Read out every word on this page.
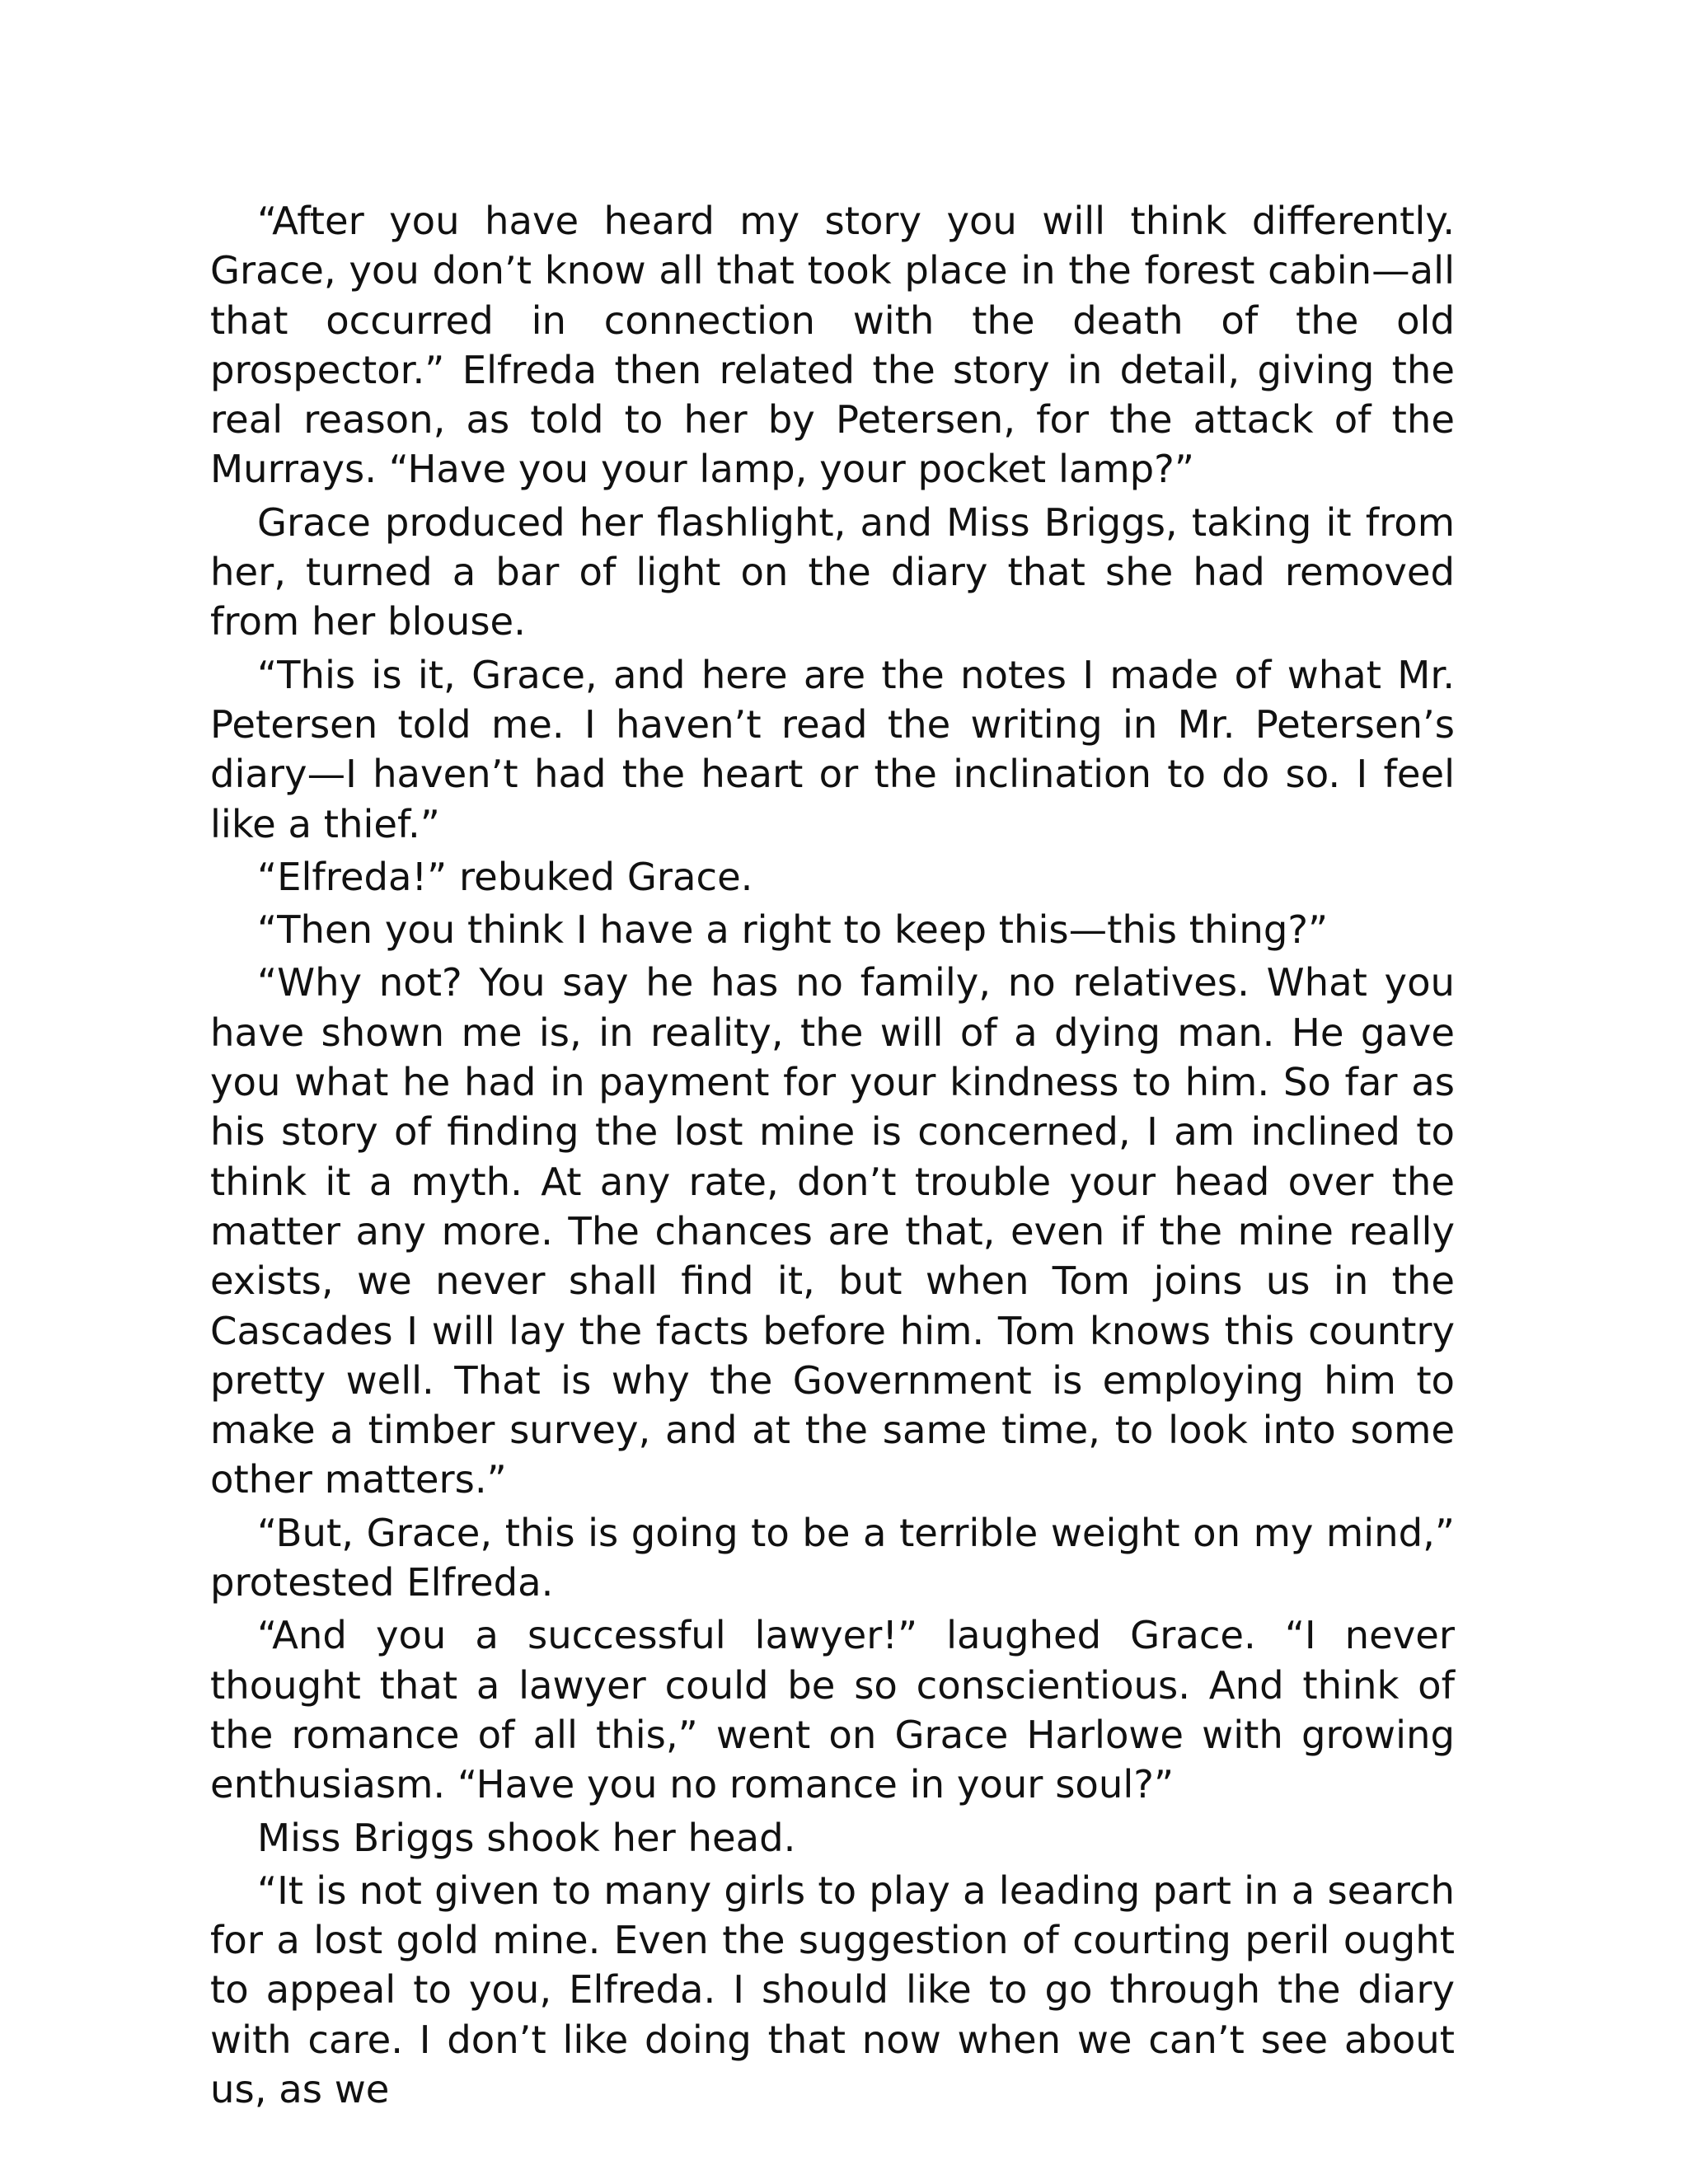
“After you have heard my story you will think differently. Grace, you don’t know all that took place in the forest cabin—all that occurred in connection with the death of the old prospector.” Elfreda then related the story in detail, giving the real reason, as told to her by Petersen, for the attack of the Murrays. “Have you your lamp, your pocket lamp?”

Grace produced her flashlight, and Miss Briggs, taking it from her, turned a bar of light on the diary that she had removed from her blouse.

“This is it, Grace, and here are the notes I made of what Mr. Petersen told me. I haven’t read the writing in Mr. Petersen’s diary—I haven’t had the heart or the inclination to do so. I feel like a thief.”

“Elfreda!” rebuked Grace.

“Then you think I have a right to keep this—this thing?”

“Why not? You say he has no family, no relatives. What you have shown me is, in reality, the will of a dying man. He gave you what he had in payment for your kindness to him. So far as his story of finding the lost mine is concerned, I am inclined to think it a myth. At any rate, don’t trouble your head over the matter any more. The chances are that, even if the mine really exists, we never shall find it, but when Tom joins us in the Cascades I will lay the facts before him. Tom knows this country pretty well. That is why the Government is employing him to make a timber survey, and at the same time, to look into some other matters.”

“But, Grace, this is going to be a terrible weight on my mind,” protested Elfreda.

“And you a successful lawyer!” laughed Grace. “I never thought that a lawyer could be so conscientious. And think of the romance of all this,” went on Grace Harlowe with growing enthusiasm. “Have you no romance in your soul?”

Miss Briggs shook her head.

“It is not given to many girls to play a leading part in a search for a lost gold mine. Even the suggestion of courting peril ought to appeal to you, Elfreda. I should like to go through the diary with care. I don’t like doing that now when we can’t see about us, as we
